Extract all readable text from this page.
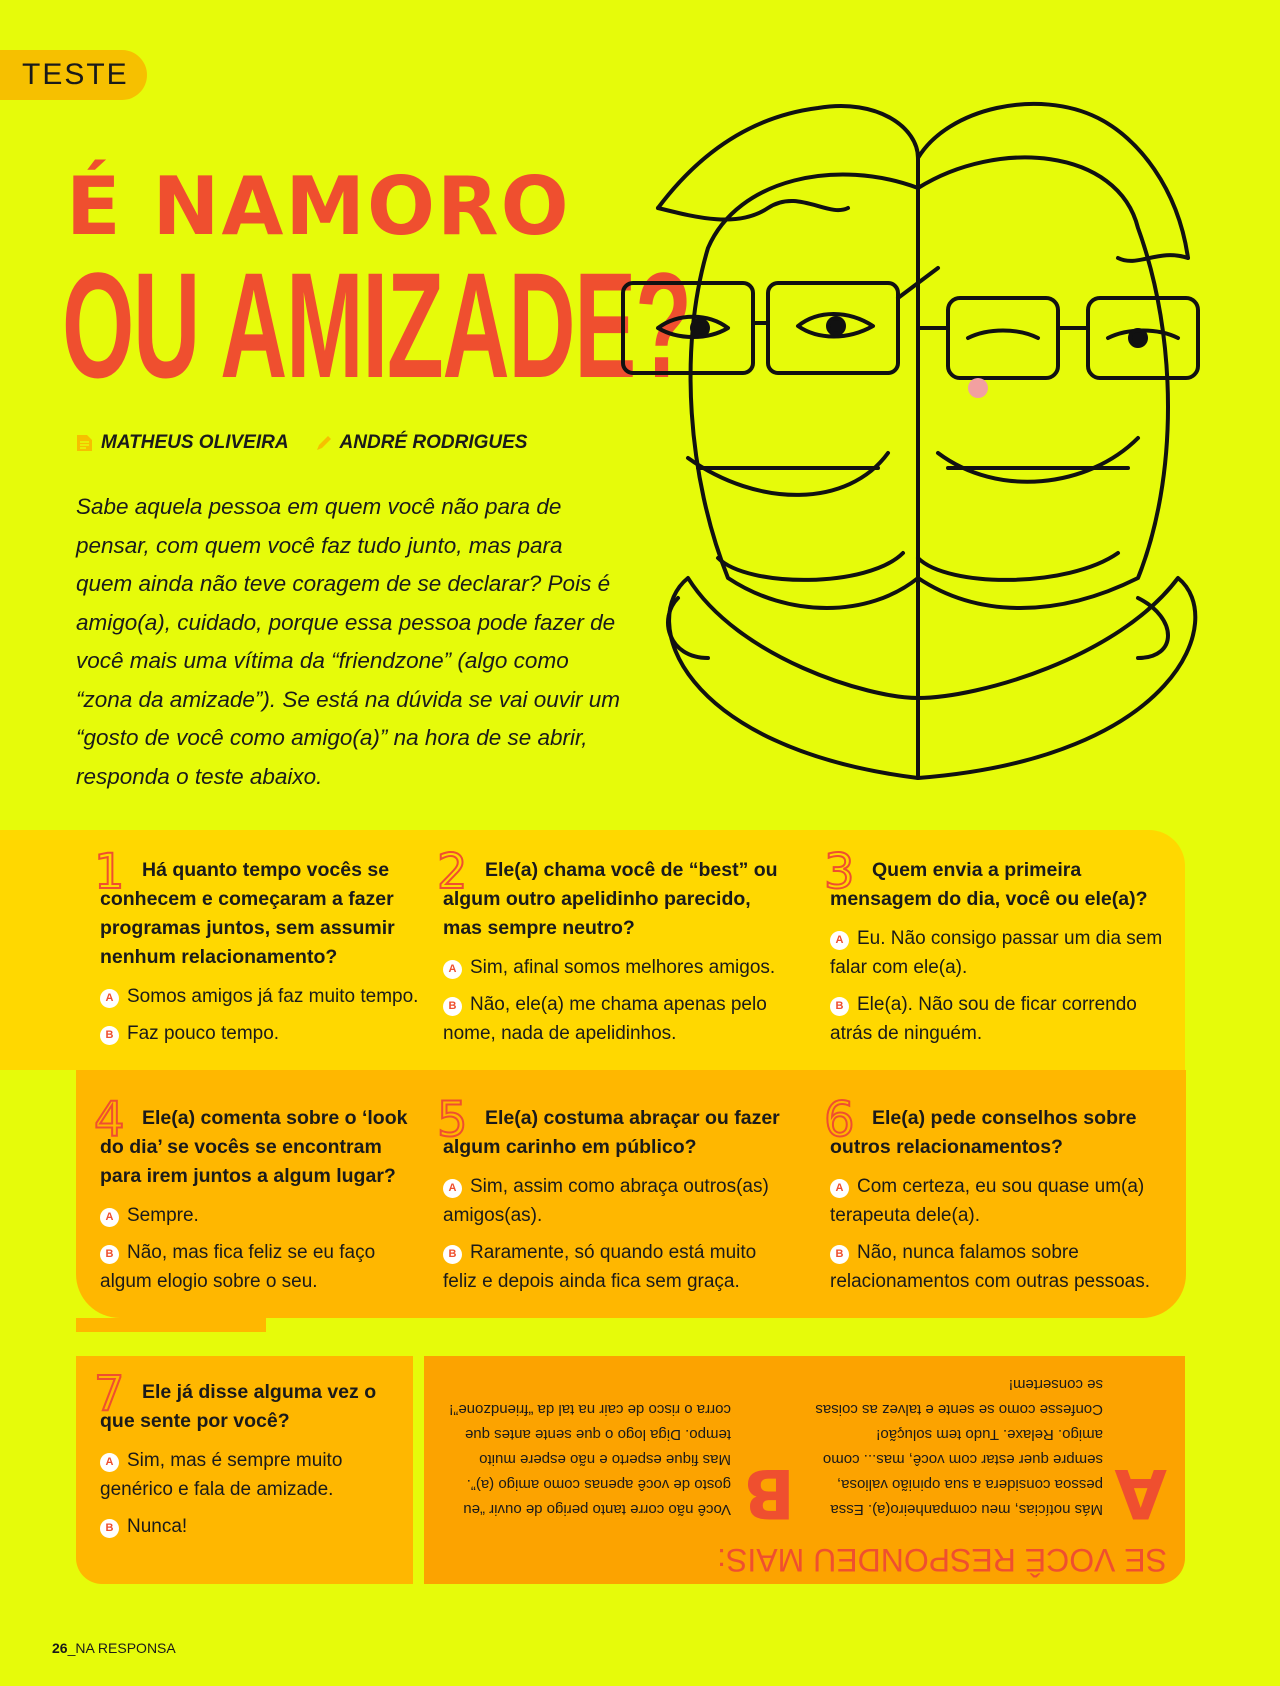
TESTE
É NAMORO
OU AMIZADE?
MATHEUS OLIVEIRA	ANDRÉ RODRIGUES

Sabe aquela pessoa em quem você não para de pensar, com quem você faz tudo junto, mas para quem ainda não teve coragem de se declarar? Pois é amigo(a), cuidado, porque essa pessoa pode fazer de você mais uma vítima da “friendzone” (algo como “zona da amizade”). Se está na dúvida se vai ouvir um “gosto de você como amigo(a)” na hora de se abrir, responda o teste abaixo.

1 Há quanto tempo vocês se conhecem e começaram a fazer programas juntos, sem assumir nenhum relacionamento?

A Somos amigos já faz muito tempo.

B Faz pouco tempo.

2 Ele(a) chama você de “best” ou algum outro apelidinho parecido, mas sempre neutro?

A Sim, afinal somos melhores amigos.

B Não, ele(a) me chama apenas pelo nome, nada de apelidinhos.

3 Quem envia a primeira mensagem do dia, você ou ele(a)?

A Eu. Não consigo passar um dia sem falar com ele(a).

B Ele(a). Não sou de ficar correndo atrás de ninguém.

4 Ele(a) comenta sobre o ‘look do dia’ se vocês se encontram para irem juntos a algum lugar?

A Sempre.

B Não, mas fica feliz se eu faço algum elogio sobre o seu.

5 Ele(a) costuma abraçar ou fazer algum carinho em público?

A Sim, assim como abraça outros(as) amigos(as).

B Raramente, só quando está muito feliz e depois ainda fica sem graça.

6 Ele(a) pede conselhos sobre outros relacionamentos?

A Com certeza, eu sou quase um(a) terapeuta dele(a).

B Não, nunca falamos sobre relacionamentos com outras pessoas.

7 Ele já disse alguma vez o que sente por você?

A Sim, mas é sempre muito genérico e fala de amizade.

B Nunca!

SE VOCÊ RESPONDEU MAIS:

A

Más notícias, meu companheiro(a). Essa pessoa considera a sua opinião valiosa, sempre quer estar com você, mas... como amigo. Relaxe. Tudo tem solução! Confesse como se sente e talvez as coisas se consertem!

B

Você não corre tanto perigo de ouvir “eu gosto de você apenas como amigo (a)”. Mas fique esperto e não espere muito tempo. Diga logo o que sente antes que corra o risco de cair na tal da “friendzone”!

26_NA RESPONSA
